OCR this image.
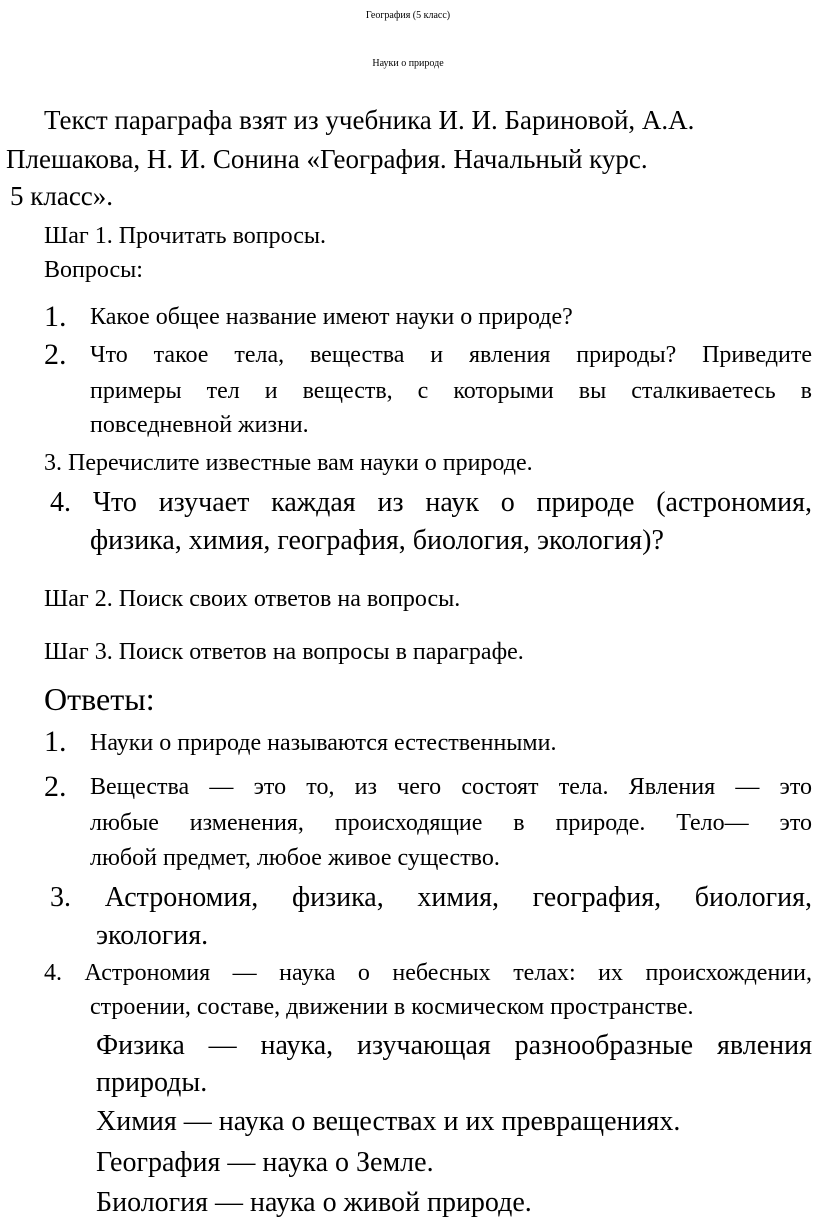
География (5 класс)
Науки о природе

Текст параграфа взят из учебника И. И. Бариновой, А.А.

Плешакова, Н. И. Сонина «География. Начальный курс.

5 класс».

Шаг 1. Прочитать вопросы.

Вопросы:

1. Какое общее название имеют науки о природе?

2. Что такое тела, вещества и явления природы? Приведите

примеры тел и веществ, с которыми вы сталкиваетесь в

повседневной жизни.

3. Перечислите известные вам науки о природе.

4. Что изучает каждая из наук о природе (астрономия,

физика, химия, география, биология, экология)?

Шаг 2. Поиск своих ответов на вопросы.

Шаг 3. Поиск ответов на вопросы в параграфе.

Ответы:

1. Науки о природе называются естественными.

2. Вещества — это то, из чего состоят тела. Явления — это

любые изменения, происходящие в природе. Тело— это

любой предмет, любое живое существо.

3. Астрономия, физика, химия, география, биология,

экология.

4. Астрономия — наука о небесных телах: их происхождении,

строении, составе, движении в космическом пространстве.

Физика — наука, изучающая разнообразные явления

природы.

Химия — наука о веществах и их превращениях.

География — наука о Земле.

Биология — наука о живой природе.
